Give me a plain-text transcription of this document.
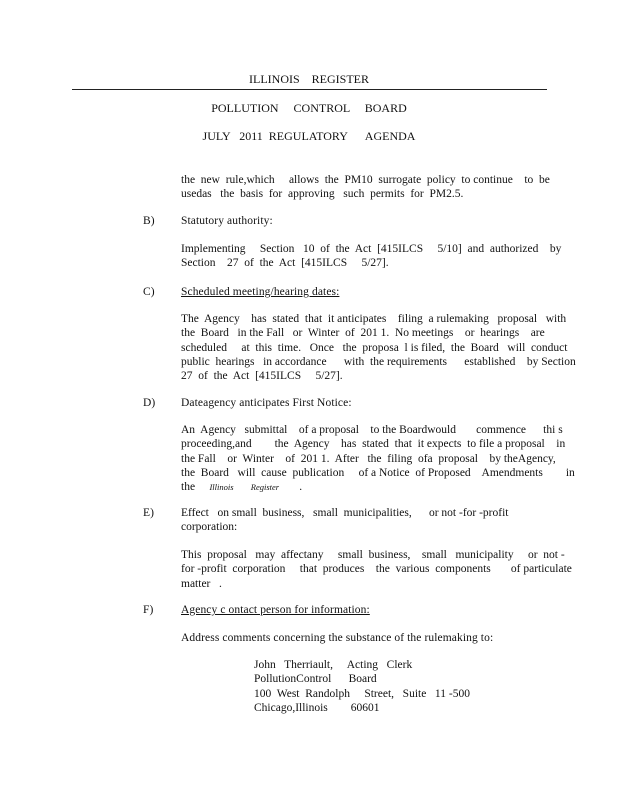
ILLINOIS    REGISTER
POLLUTION     CONTROL     BOARD
JULY   2011  REGULATORY      AGENDA
the  new  rule,which     allows  the  PM10  surrogate  policy  to continue    to  be
usedas   the  basis  for  approving   such  permits  for  PM2.5.
B) Statutory authority:
Implementing     Section   10  of  the  Act  [415ILCS     5/10]  and  authorized    by
Section    27  of  the  Act  [415ILCS     5/27].
C) Scheduled meeting/hearing dates:
The  Agency    has  stated  that  it anticipates    filing  a rulemaking   proposal   with
the  Board   in the Fall   or  Winter  of  201 1.  No meetings    or  hearings    are
scheduled     at  this  time.   Once   the  proposa  l is filed,  the  Board   will  conduct
public  hearings   in accordance      with  the requirements      established    by Section
27  of  the  Act  [415ILCS     5/27].
D) Dateagency anticipates First Notice:
An  Agency   submittal    of a proposal    to the Boardwould       commence      thi s
proceeding,and        the  Agency    has  stated  that  it expects  to file a proposal    in
the Fall    or  Winter    of  201 1.  After   the  filing  ofa  proposal    by theAgency,
the  Board   will  cause  publication     of a Notice  of Proposed    Amendments        in
the Illinois Register .
E) Effect   on small  business,   small  municipalities,      or not -for -profit
corporation:
This  proposal   may  affectany     small  business,    small   municipality     or  not -
for -profit  corporation     that  produces    the  various  components       of particulate
matter   .
F) Agency c ontact person for information:
Address comments concerning the substance of the rulemaking to:
John   Therriault,     Acting   Clerk
PollutionControl      Board
100  West  Randolph     Street,   Suite   11 -500
Chicago,Illinois        60601
